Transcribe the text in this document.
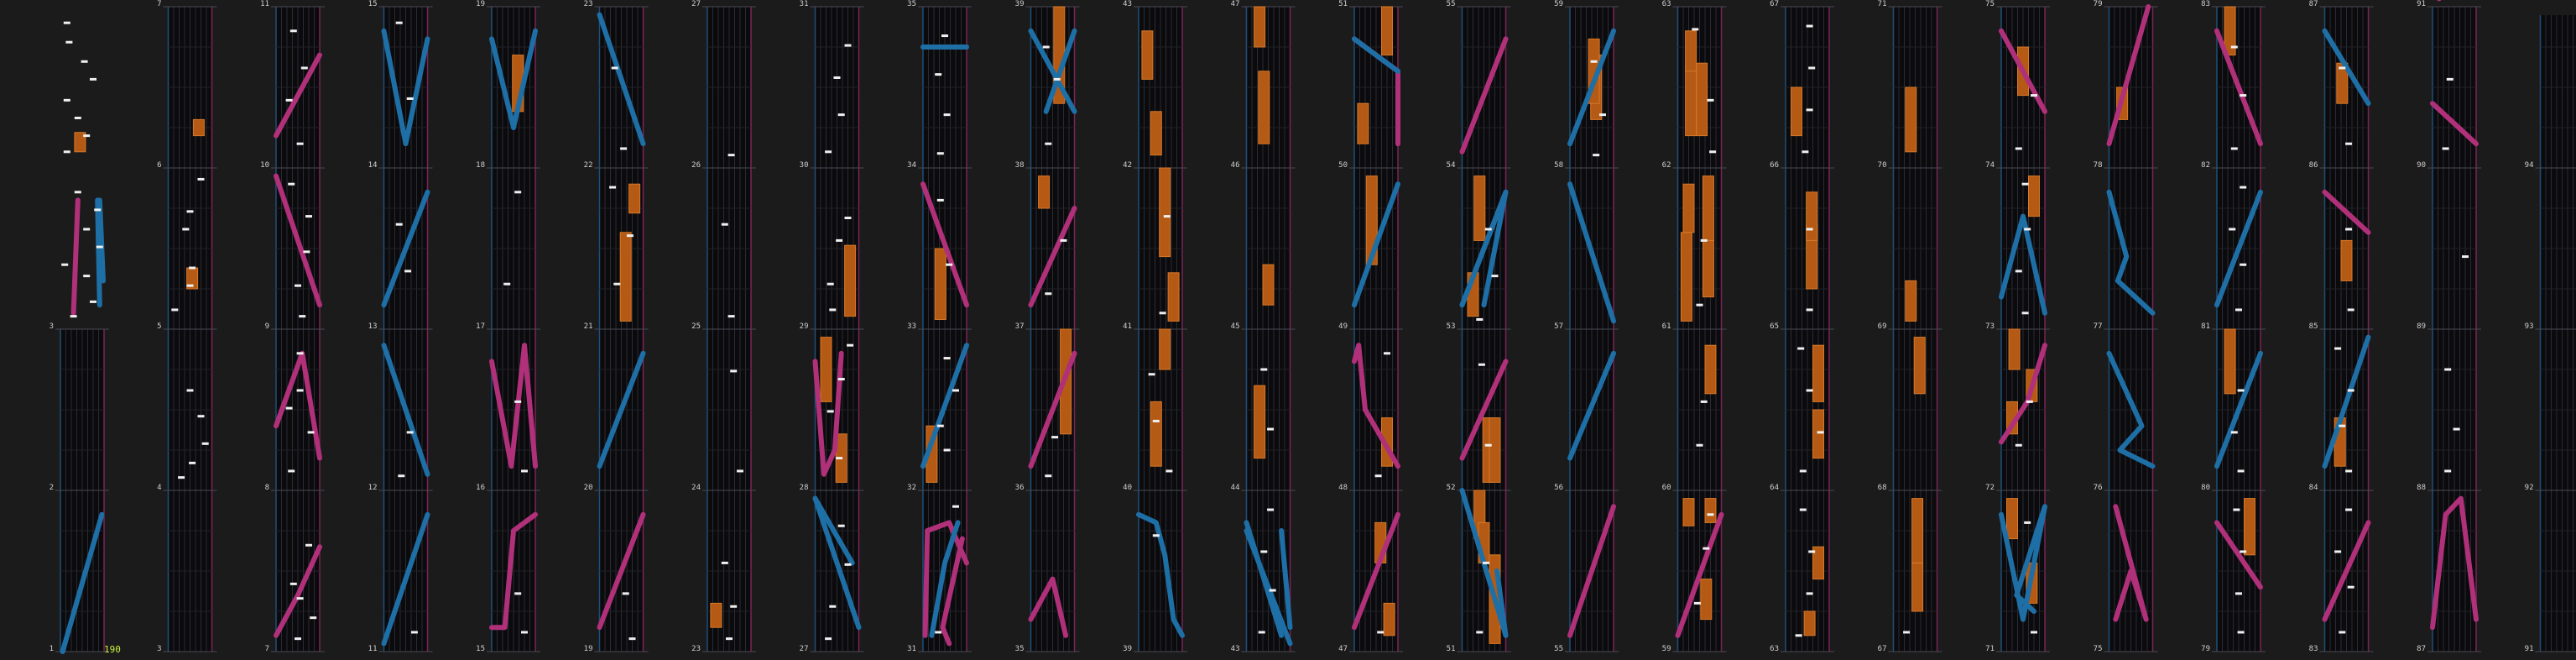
1
2
3
3
4
5
6
7
7
8
9
10
11
11
12
13
14
15
15
16
17
18
19
19
20
21
22
23
23
24
25
26
27
27
28
29
30
31
31
32
33
34
35
35
36
37
38
39
39
40
41
42
43
43
44
45
46
47
47
48
49
50
51
51
52
53
54
55
55
56
57
58
59
59
60
61
62
63
63
64
65
66
67
67
68
69
70
71
71
72
73
74
75
75
76
77
78
79
79
80
81
82
83
83
84
85
86
87
87
88
89
90
91
91
92
93
94
190
